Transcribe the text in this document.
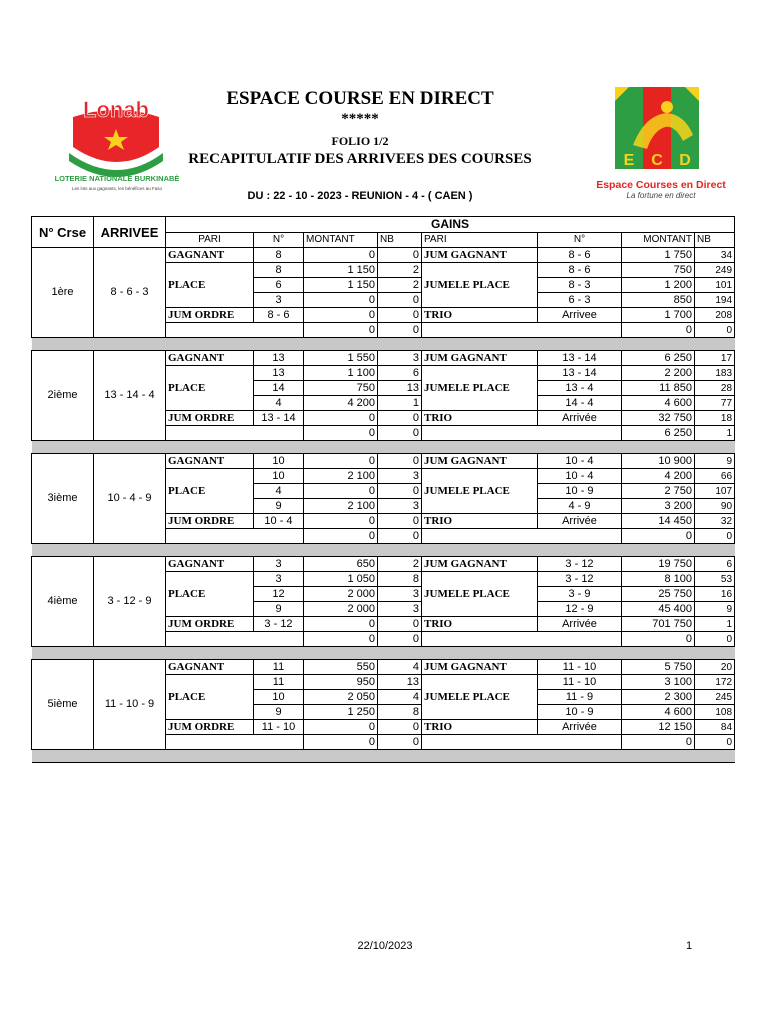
Lonab
LOTERIE NATIONALE BURKINABÈ
Les lots aux gagnants, les bénéfices au Faso
E C D
Espace Courses en Direct
La fortune en direct
ESPACE COURSE EN DIRECT
*****
FOLIO 1/2
RECAPITULATIF DES ARRIVEES DES COURSES
DU : 22 - 10 - 2023 - REUNION - 4 - ( CAEN )
N° Crse	ARRIVEE	GAINS							
		PARI	N°	MONTANT	NB	PARI	N°	MONTANT	NB
1ère	8 - 6 - 3	GAGNANT	8	0	0	JUM GAGNANT	8 - 6	1 750	34
		PLACE	8	1 150	2	JUMELE PLACE	8 - 6	750	249
			6	1 150	2		8 - 3	1 200	101
			3	0	0		6 - 3	850	194
		JUM ORDRE	8 - 6	0	0	TRIO	Arrivee	1 700	208
				0	0			0	0

2ième	13 - 14 - 4	GAGNANT	13	1 550	3	JUM GAGNANT	13 - 14	6 250	17
		PLACE	13	1 100	6	JUMELE PLACE	13 - 14	2 200	183
			14	750	13		13 - 4	11 850	28
			4	4 200	1		14 - 4	4 600	77
		JUM ORDRE	13 - 14	0	0	TRIO	Arrivée	32 750	18
				0	0			6 250	1

3ième	10 - 4 - 9	GAGNANT	10	0	0	JUM GAGNANT	10 - 4	10 900	9
		PLACE	10	2 100	3	JUMELE PLACE	10 - 4	4 200	66
			4	0	0		10 - 9	2 750	107
			9	2 100	3		4 - 9	3 200	90
		JUM ORDRE	10 - 4	0	0	TRIO	Arrivée	14 450	32
				0	0			0	0

4ième	3 - 12 - 9	GAGNANT	3	650	2	JUM GAGNANT	3 - 12	19 750	6
		PLACE	3	1 050	8	JUMELE PLACE	3 - 12	8 100	53
			12	2 000	3		3 - 9	25 750	16
			9	2 000	3		12 - 9	45 400	9
		JUM ORDRE	3 - 12	0	0	TRIO	Arrivée	701 750	1
				0	0			0	0

5ième	11 - 10 - 9	GAGNANT	11	550	4	JUM GAGNANT	11 - 10	5 750	20
		PLACE	11	950	13	JUMELE PLACE	11 - 10	3 100	172
			10	2 050	4		11 - 9	2 300	245
			9	1 250	8		10 - 9	4 600	108
		JUM ORDRE	11 - 10	0	0	TRIO	Arrivée	12 150	84
				0	0			0	0

22/10/2023	1
